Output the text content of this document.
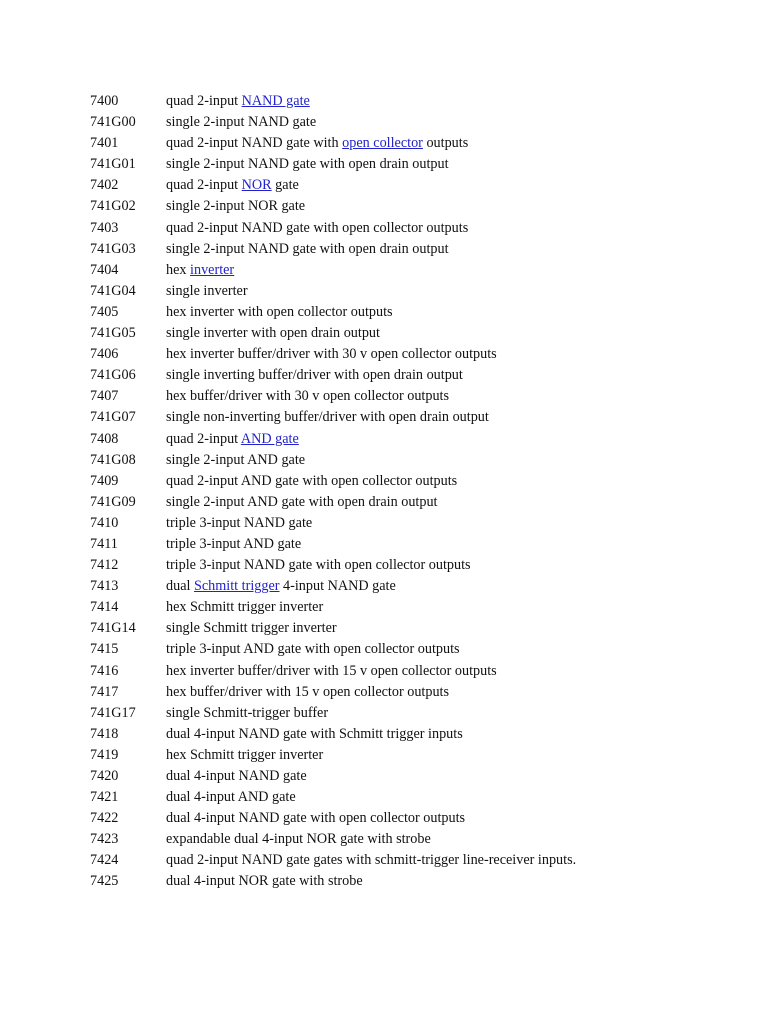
7400	quad 2-input NAND gate
741G00	single 2-input NAND gate
7401	quad 2-input NAND gate with open collector outputs
741G01	single 2-input NAND gate with open drain output
7402	quad 2-input NOR gate
741G02	single 2-input NOR gate
7403	quad 2-input NAND gate with open collector outputs
741G03	single 2-input NAND gate with open drain output
7404	hex inverter
741G04	single inverter
7405	hex inverter with open collector outputs
741G05	single inverter with open drain output
7406	hex inverter buffer/driver with 30 v open collector outputs
741G06	single inverting buffer/driver with open drain output
7407	hex buffer/driver with 30 v open collector outputs
741G07	single non-inverting buffer/driver with open drain output
7408	quad 2-input AND gate
741G08	single 2-input AND gate
7409	quad 2-input AND gate with open collector outputs
741G09	single 2-input AND gate with open drain output
7410	triple 3-input NAND gate
7411	triple 3-input AND gate
7412	triple 3-input NAND gate with open collector outputs
7413	dual Schmitt trigger 4-input NAND gate
7414	hex Schmitt trigger inverter
741G14	single Schmitt trigger inverter
7415	triple 3-input AND gate with open collector outputs
7416	hex inverter buffer/driver with 15 v open collector outputs
7417	hex buffer/driver with 15 v open collector outputs
741G17	single Schmitt-trigger buffer
7418	dual 4-input NAND gate with Schmitt trigger inputs
7419	hex Schmitt trigger inverter
7420	dual 4-input NAND gate
7421	dual 4-input AND gate
7422	dual 4-input NAND gate with open collector outputs
7423	expandable dual 4-input NOR gate with strobe
7424	quad 2-input NAND gate gates with schmitt-trigger line-receiver inputs.
7425	dual 4-input NOR gate with strobe
